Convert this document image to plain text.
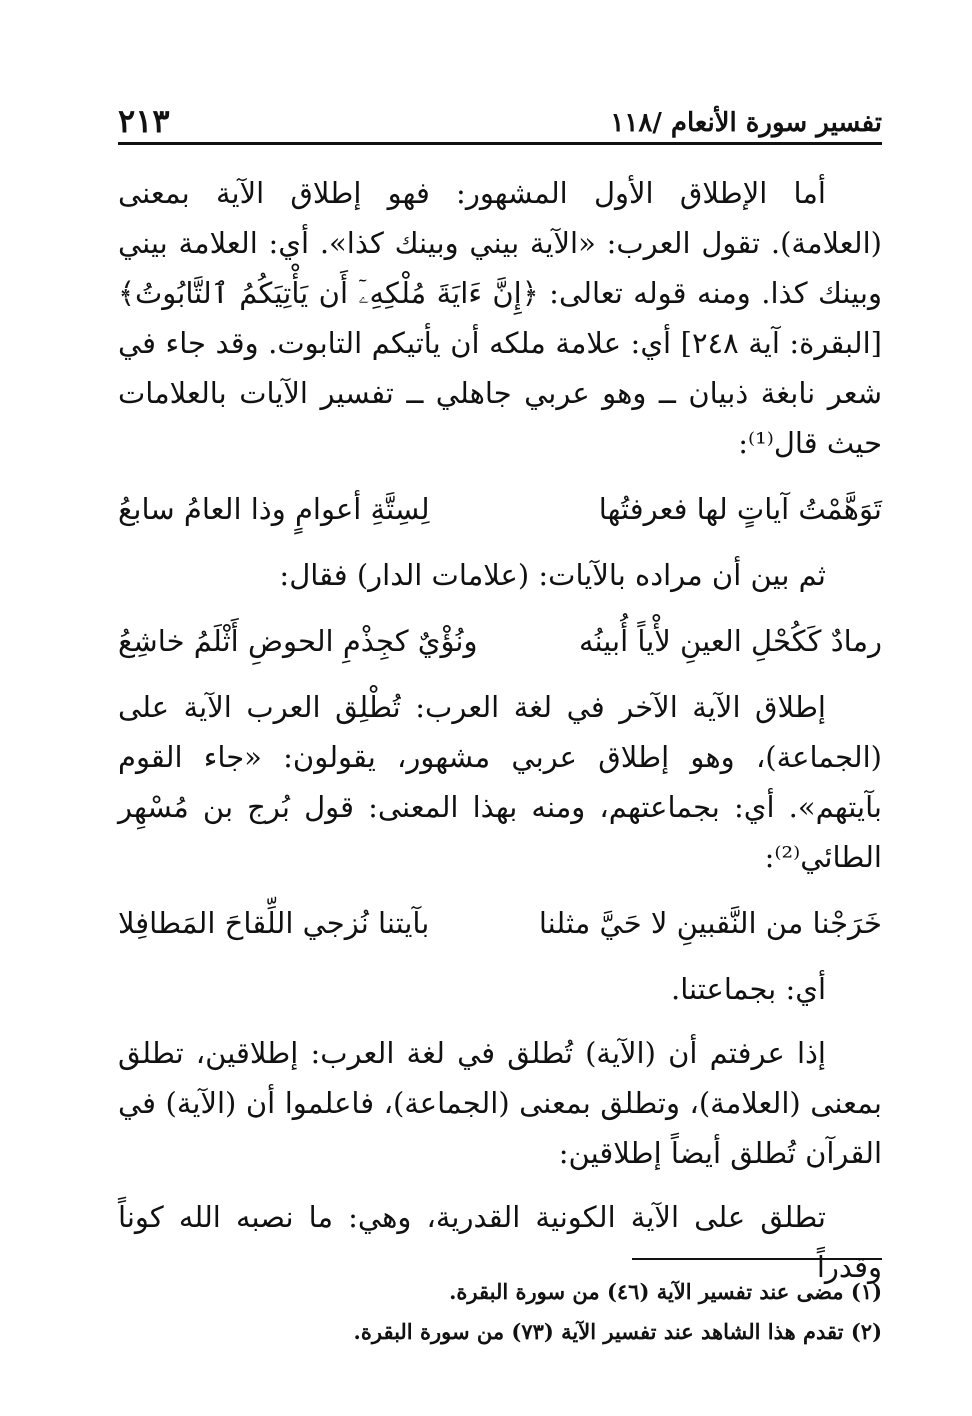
تفسير سورة الأنعام /١١٨
٢١٣

أما الإطلاق الأول المشهور: فهو إطلاق الآية بمعنى (العلامة). تقول العرب: «الآية بيني وبينك كذا». أي: العلامة بيني وبينك كذا. ومنه قوله تعالى: ﴿إِنَّ ءَايَةَ مُلْكِهِۦٓ أَن يَأْتِيَكُمُ ٱلتَّابُوتُ﴾ [البقرة: آية ٢٤٨] أي: علامة ملكه أن يأتيكم التابوت. وقد جاء في شعر نابغة ذبيان ــ وهو عربي جاهلي ــ تفسير الآيات بالعلامات حيث قال⁽¹⁾:

تَوَهَّمْتُ آياتٍ لها فعرفتُها
لِسِتَّةِ أعوامٍ وذا العامُ سابعُ

ثم بين أن مراده بالآيات: (علامات الدار) فقال:

رمادٌ كَكُحْلِ العينِ لأْياً أُبينُه
ونُؤْيٌ كجِذْمِ الحوضِ أَثْلَمُ خاشِعُ

إطلاق الآية الآخر في لغة العرب: تُطْلِق العرب الآية على (الجماعة)، وهو إطلاق عربي مشهور، يقولون: «جاء القوم بآيتهم». أي: بجماعتهم، ومنه بهذا المعنى: قول بُرج بن مُسْهِر الطائي⁽²⁾:

خَرَجْنا من النَّقبينِ لا حَيَّ مثلنا
بآيتنا نُزجي اللِّقاحَ المَطافِلا

أي: بجماعتنا.

إذا عرفتم أن (الآية) تُطلق في لغة العرب: إطلاقين، تطلق بمعنى (العلامة)، وتطلق بمعنى (الجماعة)، فاعلموا أن (الآية) في القرآن تُطلق أيضاً إطلاقين:

تطلق على الآية الكونية القدرية، وهي: ما نصبه الله كوناً وقدراً

(١) مضى عند تفسير الآية (٤٦) من سورة البقرة.

(٢) تقدم هذا الشاهد عند تفسير الآية (٧٣) من سورة البقرة.
